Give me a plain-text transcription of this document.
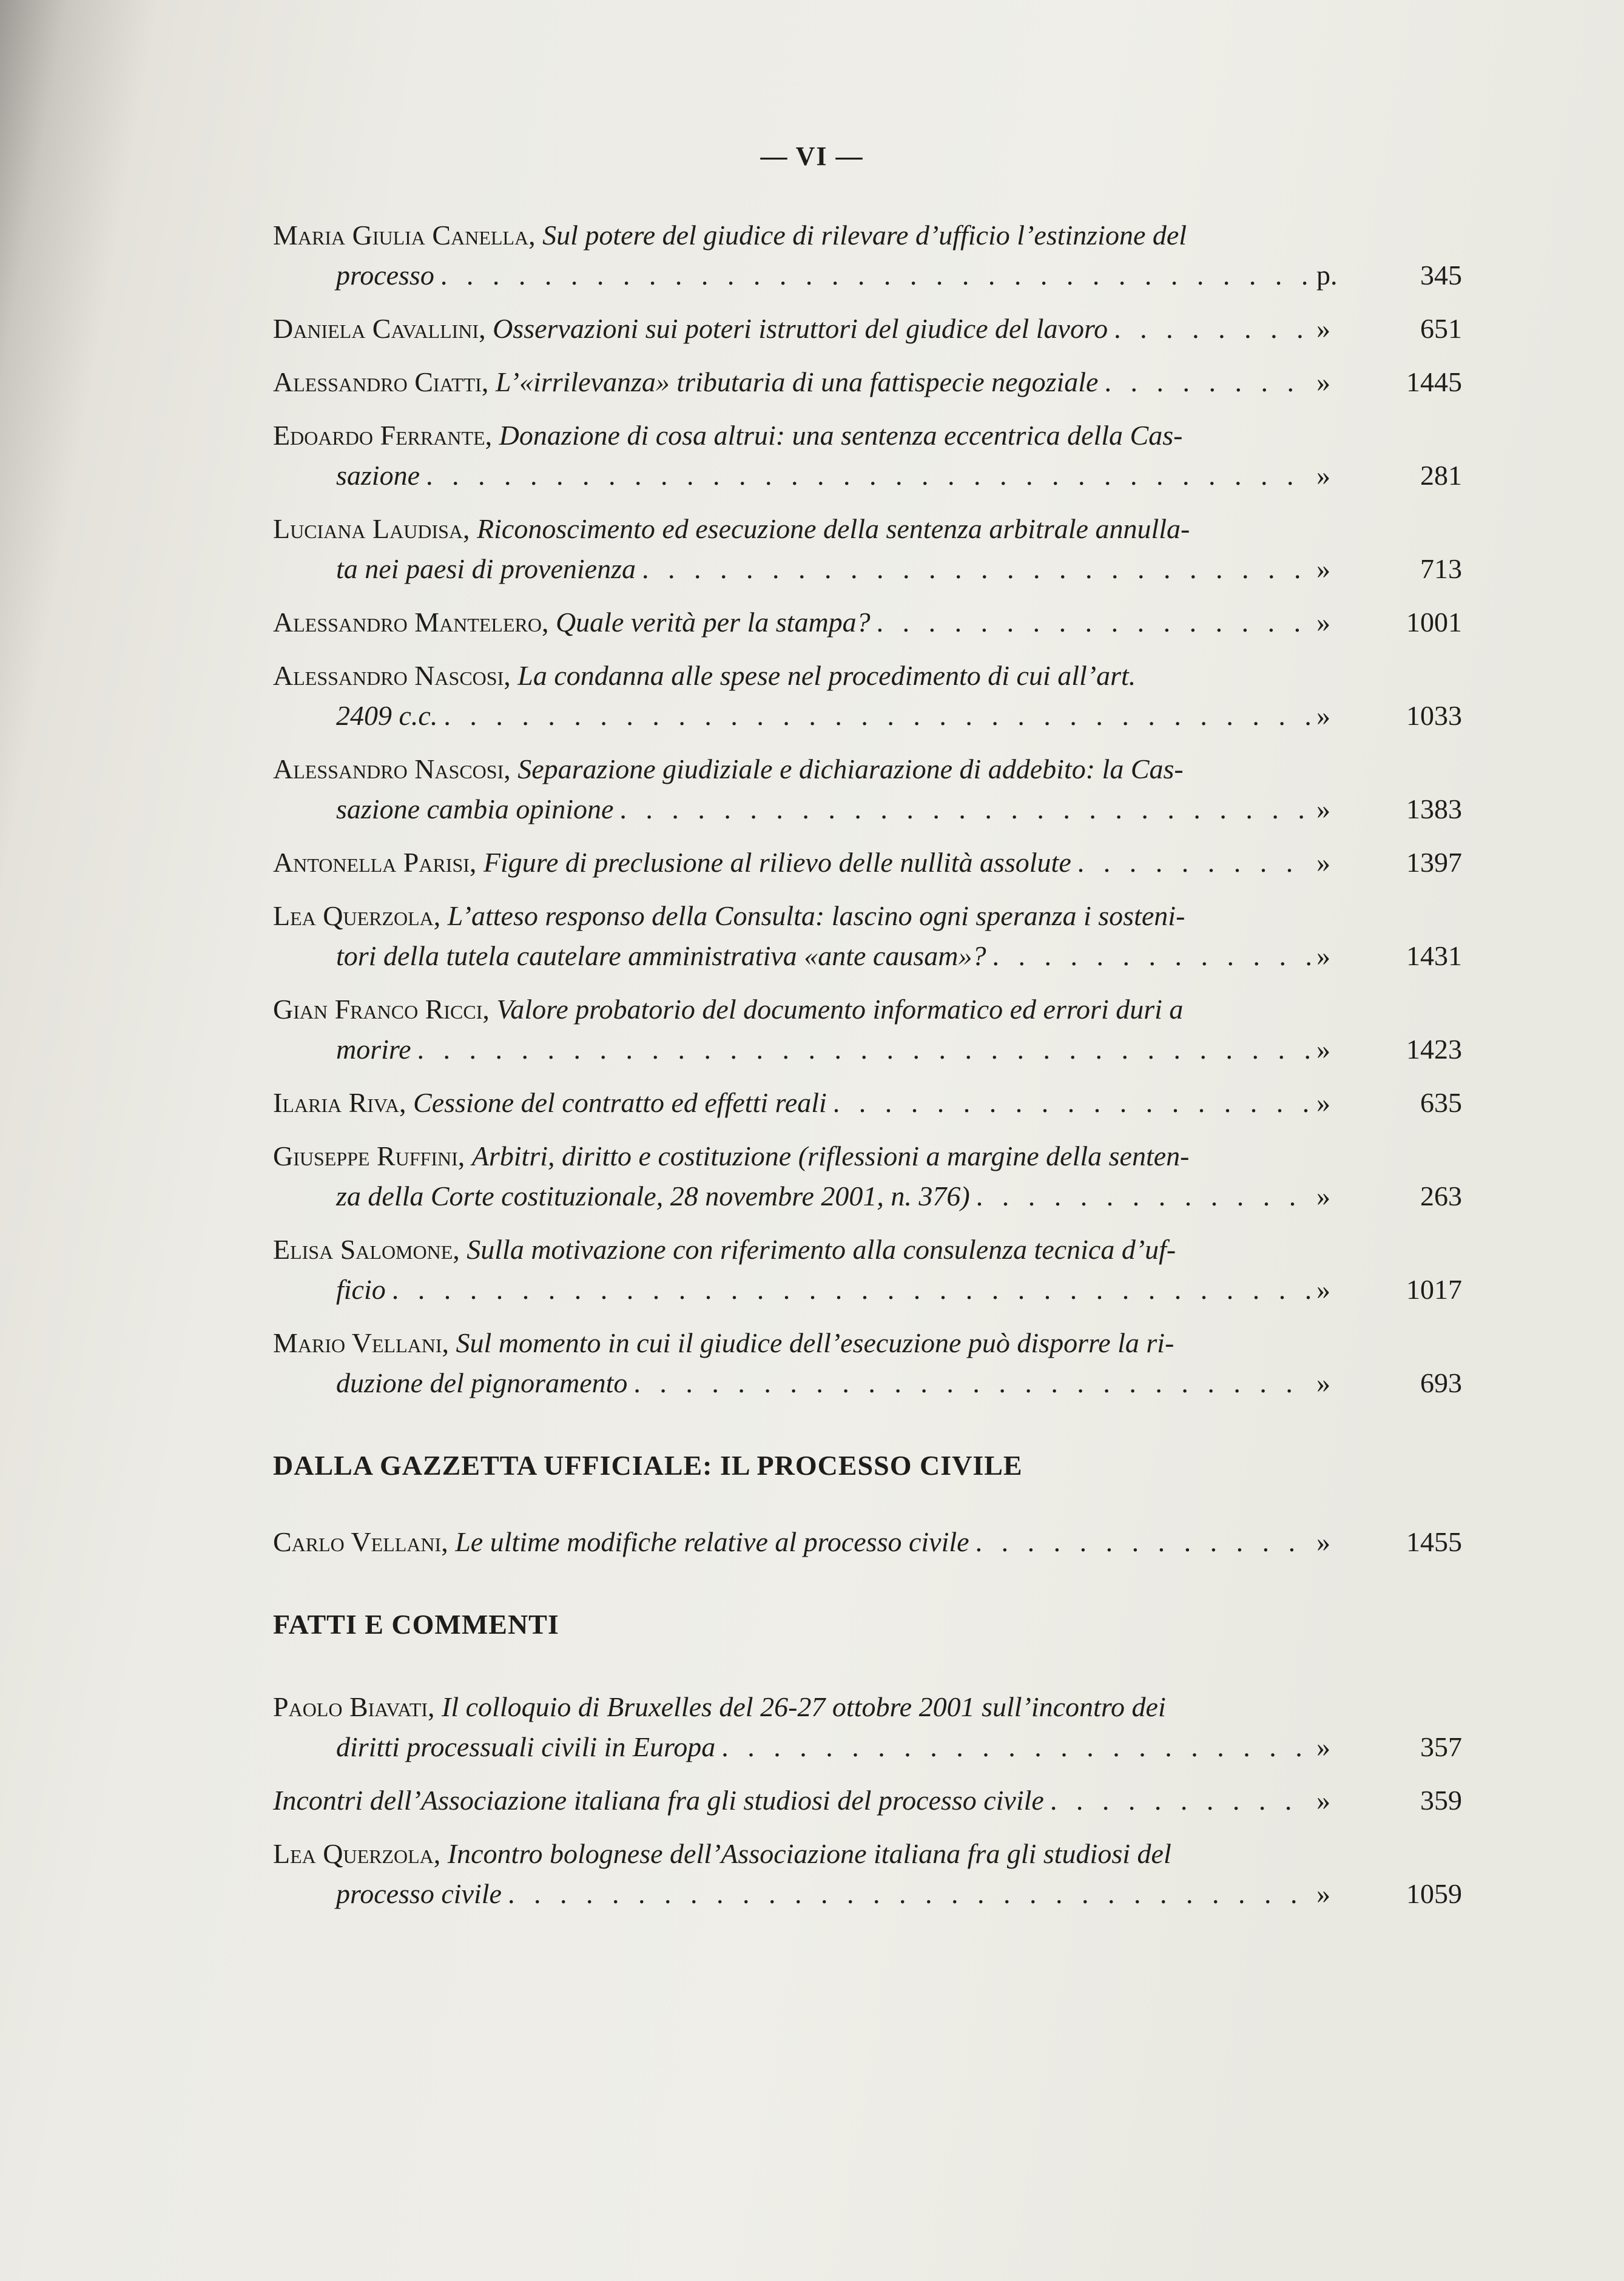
— VI —
Maria Giulia Canella, Sul potere del giudice di rilevare d’ufficio l’estinzione del
processo . . .	p.	345
Daniela Cavallini, Osservazioni sui poteri istruttori del giudice del lavoro . . .	»	651
Alessandro Ciatti, L’«irrilevanza» tributaria di una fattispecie negoziale . . .	»	1445
Edoardo Ferrante, Donazione di cosa altrui: una sentenza eccentrica della Cas-
sazione . . .	»	281
Luciana Laudisa, Riconoscimento ed esecuzione della sentenza arbitrale annulla-
ta nei paesi di provenienza . . .	»	713
Alessandro Mantelero, Quale verità per la stampa? . . .	»	1001
Alessandro Nascosi, La condanna alle spese nel procedimento di cui all’art.
2409 c.c. . . .	»	1033
Alessandro Nascosi, Separazione giudiziale e dichiarazione di addebito: la Cas-
sazione cambia opinione . . .	»	1383
Antonella Parisi, Figure di preclusione al rilievo delle nullità assolute . . .	»	1397
Lea Querzola, L’atteso responso della Consulta: lascino ogni speranza i sosteni-
tori della tutela cautelare amministrativa «ante causam»? . . .	»	1431
Gian Franco Ricci, Valore probatorio del documento informatico ed errori duri a
morire . . .	»	1423
Ilaria Riva, Cessione del contratto ed effetti reali . . .	»	635
Giuseppe Ruffini, Arbitri, diritto e costituzione (riflessioni a margine della senten-
za della Corte costituzionale, 28 novembre 2001, n. 376) . . .	»	263
Elisa Salomone, Sulla motivazione con riferimento alla consulenza tecnica d’uf-
ficio . . .	»	1017
Mario Vellani, Sul momento in cui il giudice dell’esecuzione può disporre la ri-
duzione del pignoramento . . .	»	693
DALLA GAZZETTA UFFICIALE: IL PROCESSO CIVILE
Carlo Vellani, Le ultime modifiche relative al processo civile . . .	»	1455
FATTI E COMMENTI
Paolo Biavati, Il colloquio di Bruxelles del 26-27 ottobre 2001 sull’incontro dei
diritti processuali civili in Europa . . .	»	357
Incontri dell’Associazione italiana fra gli studiosi del processo civile . . .	»	359
Lea Querzola, Incontro bolognese dell’Associazione italiana fra gli studiosi del
processo civile . . .	»	1059
